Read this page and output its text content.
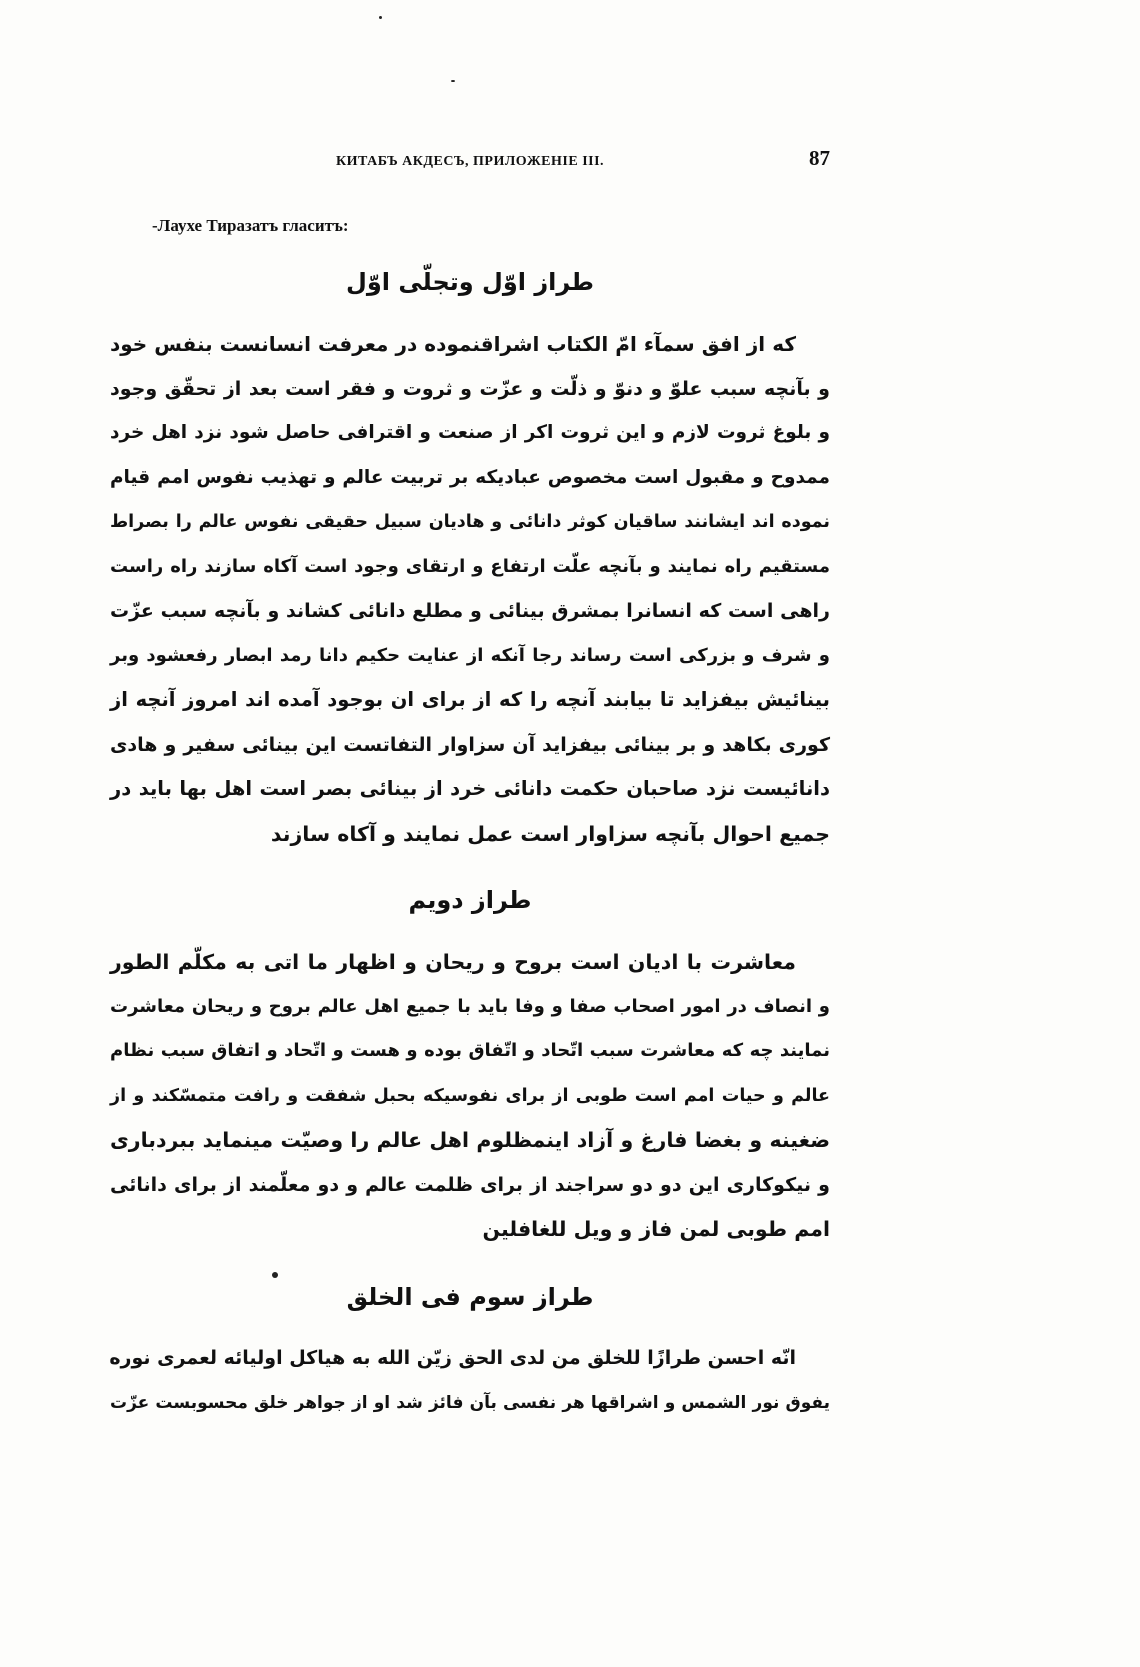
КИТАБЪ АКДЕСЪ, ПРИЛОЖЕНІЕ III.	87
-Лаухе Тиразатъ гласитъ:
طراز اوّل وتجلّی اوّل
که از افق سمآء امّ الکتاب اشراقنموده در معرفت انسانست بنفس خود
و بآنچه سبب علوّ و دنوّ و ذلّت و عزّت و ثروت و فقر است بعد از تحقّق وجود
و بلوغ ثروت لازم و این ثروت اکر از صنعت و اقترافی حاصل شود نزد اهل خرد
ممدوح و مقبول است مخصوص عبادیکه بر تربیت عالم و تهذیب نفوس امم قیام
نموده اند ایشانند ساقیان کوثر دانائی و هادیان سبیل حقیقی نفوس عالم را بصراط
مستقیم راه نمایند و بآنچه علّت ارتفاع و ارتقای وجود است آکاه سازند راه راست
راهی است که انسانرا بمشرق بینائی و مطلع دانائی کشاند و بآنچه سبب عزّت
و شرف و بزرکی است رساند رجا آنکه از عنایت حکیم دانا رمد ابصار رفعشود وبر
بینائیش بیفزاید تا بیابند آنچه را که از برای ان بوجود آمده اند امروز آنچه از
کوری بکاهد و بر بینائی بیفزاید آن سزاوار التفاتست این بینائی سفیر و هادی
دانائیست نزد صاحبان حکمت دانائی خرد از بینائی بصر است اهل بها باید در
جمیع احوال بآنچه سزاوار است عمل نمایند و آکاه سازند
طراز دویم
معاشرت با ادیان است بروح و ریحان و اظهار ما اتی به مکلّم الطور
و انصاف در امور اصحاب صفا و وفا باید با جمیع اهل عالم بروح و ریحان معاشرت
نمایند چه که معاشرت سبب اتّحاد و اتّفاق بوده و هست و اتّحاد و اتفاق سبب نظام
عالم و حیات امم است طوبی از برای نفوسیکه بحبل شفقت و رافت متمسّکند و از
ضغینه و بغضا فارغ و آزاد اینمظلوم اهل عالم را وصیّت مینماید ببردباری
و نیکوکاری این دو دو سراجند از برای ظلمت عالم و دو معلّمند از برای دانائی
امم طوبی لمن فاز و ویل للغافلین
طراز سوم فی الخلق
انّه احسن طرازًا للخلق من لدی الحق زیّن الله به هیاکل اولیائه لعمری نوره
یفوق نور الشمس و اشراقها هر نفسی بآن فائز شد او از جواهر خلق محسوبست عزّت
